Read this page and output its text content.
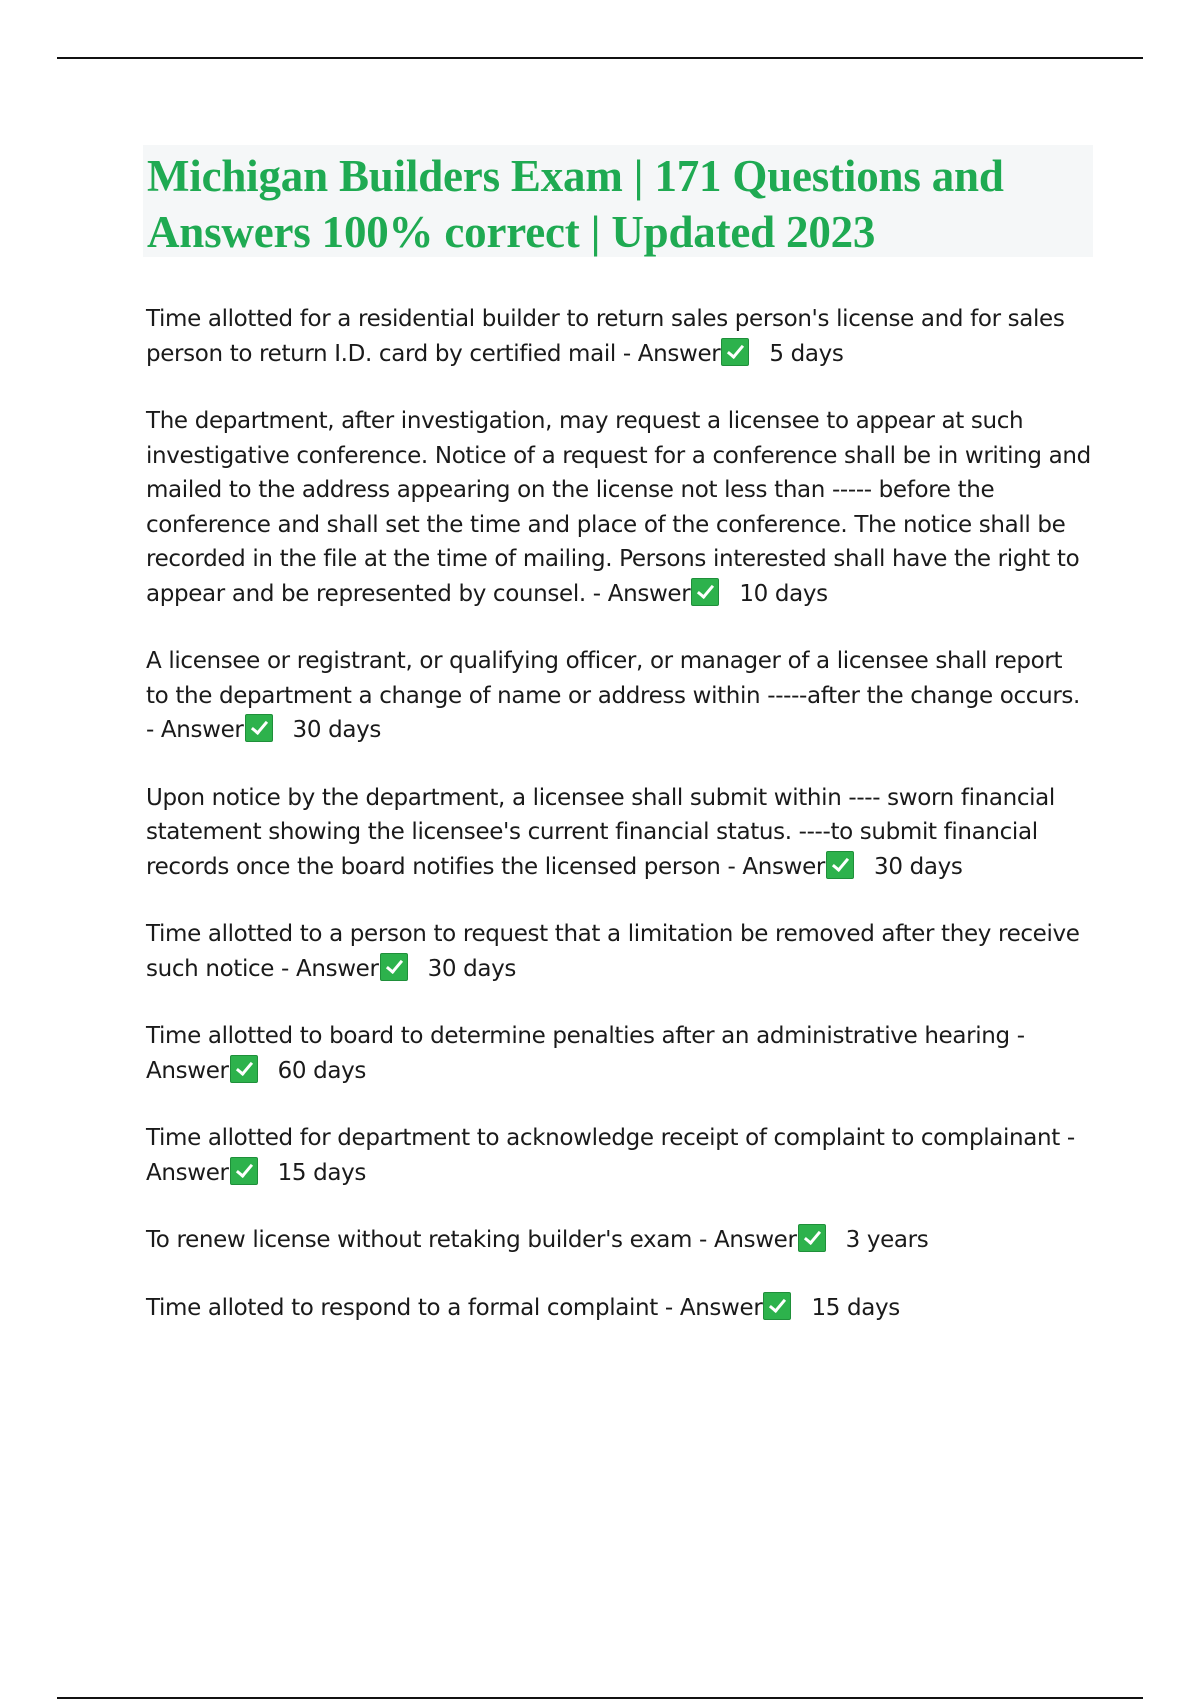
Michigan Builders Exam | 171 Questions and Answers 100% correct | Updated 2023

Time allotted for a residential builder to return sales person's license and for sales person to return I.D. card by certified mail - Answer 5 days

The department, after investigation, may request a licensee to appear at such investigative conference. Notice of a request for a conference shall be in writing and mailed to the address appearing on the license not less than ----- before the conference and shall set the time and place of the conference. The notice shall be recorded in the file at the time of mailing. Persons interested shall have the right to appear and be represented by counsel. - Answer 10 days

A licensee or registrant, or qualifying officer, or manager of a licensee shall report to the department a change of name or address within -----after the change occurs. - Answer 30 days

Upon notice by the department, a licensee shall submit within ---- sworn financial statement showing the licensee's current financial status. ----to submit financial records once the board notifies the licensed person - Answer 30 days

Time allotted to a person to request that a limitation be removed after they receive such notice - Answer 30 days

Time allotted to board to determine penalties after an administrative hearing - Answer 60 days

Time allotted for department to acknowledge receipt of complaint to complainant - Answer 15 days

To renew license without retaking builder's exam - Answer 3 years

Time alloted to respond to a formal complaint - Answer 15 days
